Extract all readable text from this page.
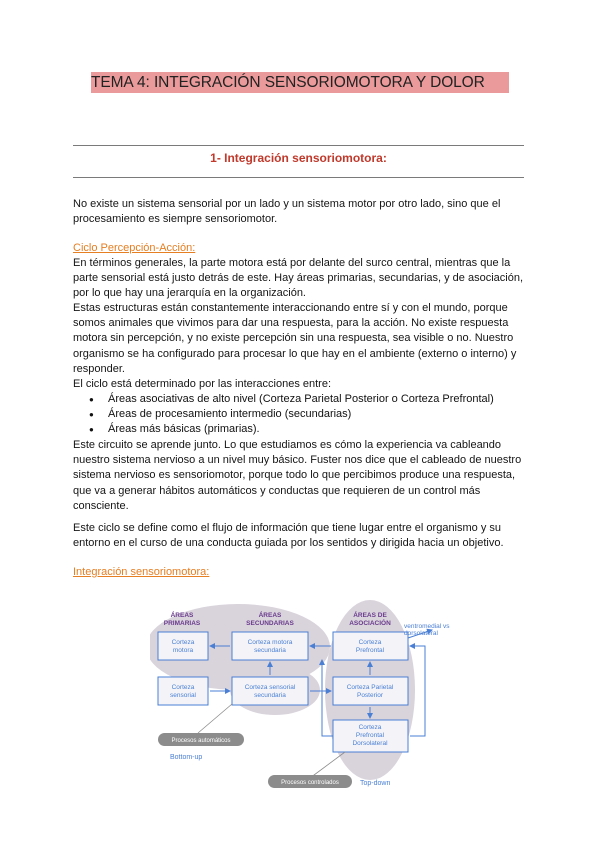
TEMA 4: INTEGRACIÓN SENSORIOMOTORA Y DOLOR
1- Integración sensoriomotora:
No existe un sistema sensorial por un lado y un sistema motor por otro lado, sino que el procesamiento es siempre sensoriomotor.
Ciclo Percepción-Acción:
En términos generales, la parte motora está por delante del surco central, mientras que la parte sensorial está justo detrás de este. Hay áreas primarias, secundarias, y de asociación, por lo que hay una jerarquía en la organización.
Estas estructuras están constantemente interaccionando entre sí y con el mundo, porque somos animales que vivimos para dar una respuesta, para la acción. No existe respuesta motora sin percepción, y no existe percepción sin una respuesta, sea visible o no. Nuestro organismo se ha configurado para procesar lo que hay en el ambiente (externo o interno) y responder.
El ciclo está determinado por las interacciones entre:
● Áreas asociativas de alto nivel (Corteza Parietal Posterior o Corteza Prefrontal)
● Áreas de procesamiento intermedio (secundarias)
● Áreas más básicas (primarias).
Este circuito se aprende junto. Lo que estudiamos es cómo la experiencia va cableando nuestro sistema nervioso a un nivel muy básico. Fuster nos dice que el cableado de nuestro sistema nervioso es sensoriomotor, porque todo lo que percibimos produce una respuesta, que va a generar hábitos automáticos y conductas que requieren de un control más consciente.
Este ciclo se define como el flujo de información que tiene lugar entre el organismo y su entorno en el curso de una conducta guiada por los sentidos y dirigida hacia un objetivo.
Integración sensoriomotora:
ÁREAS
PRIMARIAS
ÁREAS
SECUNDARIAS
ÁREAS DE
ASOCIACIÓN
Corteza
motora
Corteza motora
secundaria
Corteza
Prefrontal
Corteza
sensorial
Corteza sensorial
secundaria
Corteza Parietal
Posterior
Corteza
Prefrontal
Dorsolateral
ventromedial vs
dorsolateral
Procesos automáticos
Bottom-up
Procesos controlados	Top-down
